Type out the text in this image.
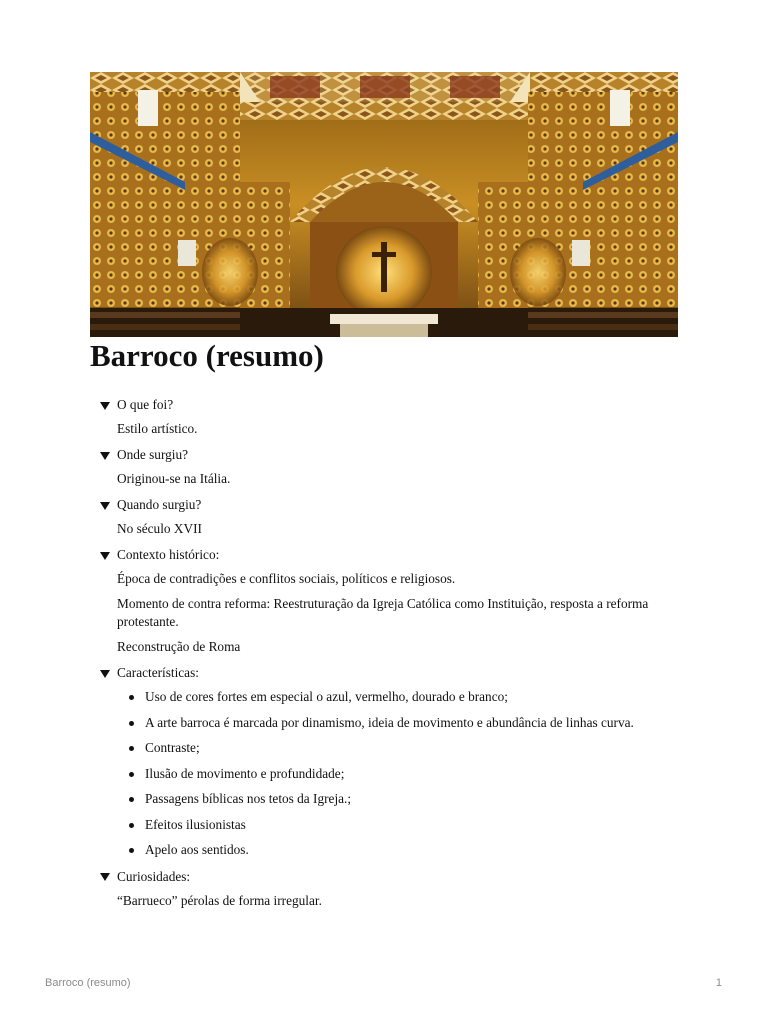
Barroco (resumo)
O que foi?

Estilo artístico.

Onde surgiu?

Originou-se na Itália.

Quando surgiu?

No século XVII

Contexto histórico:

Época de contradições e conflitos sociais, políticos e religiosos.

Momento de contra reforma: Reestruturação da Igreja Católica como Instituição, resposta a reforma protestante.

Reconstrução de Roma

Características:
Uso de cores fortes em especial o azul, vermelho, dourado e branco;
A arte barroca é marcada por dinamismo, ideia de movimento e abundância de linhas curva.
Contraste;
Ilusão de movimento e profundidade;
Passagens bíblicas nos tetos da Igreja.;
Efeitos ilusionistas
Apelo aos sentidos.
Curiosidades:

“Barrueco” pérolas de forma irregular.

Barroco (resumo)	1
